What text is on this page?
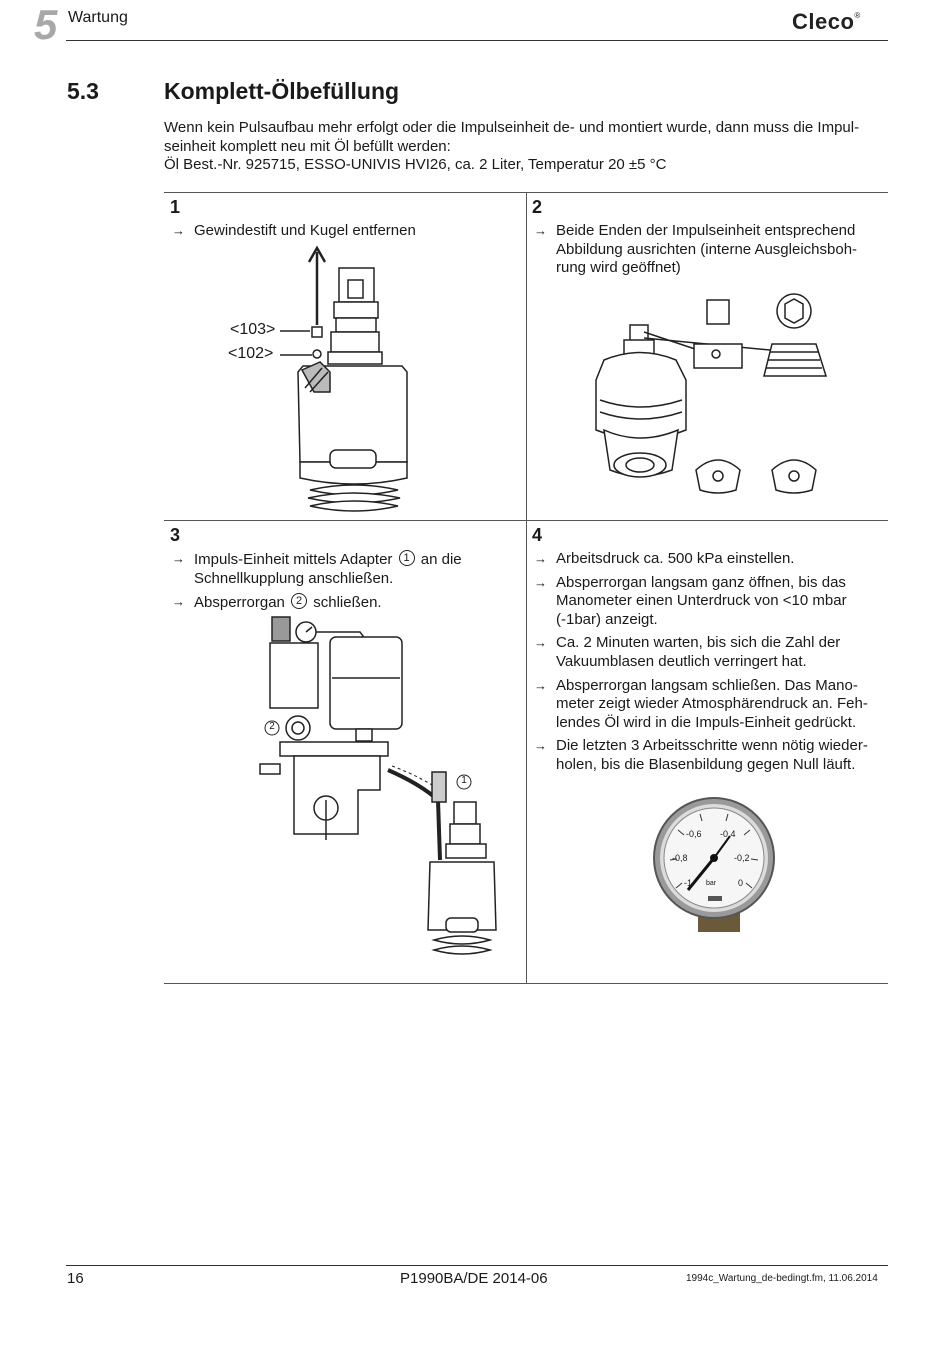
5 Wartung	Cleco®
5.3	Komplett-Ölbefüllung

Wenn kein Pulsaufbau mehr erfolgt oder die Impulseinheit de- und montiert wurde, dann muss die Impul-

seinheit komplett neu mit Öl befüllt werden:

Öl Best.-Nr. 925715, ESSO-UNIVIS HVI26, ca. 2 Liter, Temperatur 20 ±5 °C

1
→ Gewindestift und Kugel entfernen
<103>
<102>
2
→ Beide Enden der Impulseinheit entsprechend Abbildung ausrichten (interne Ausgleichsboh-rung wird geöffnet)
3
→ Impuls-Einheit mittels Adapter 1 an die Schnellkupplung anschließen.
→ Absperrorgan 2 schließen.
2
1
4
→ Arbeitsdruck ca. 500 kPa einstellen.
→ Absperrorgan langsam ganz öffnen, bis das Manometer einen Unterdruck von <10 mbar (-1bar) anzeigt.
→ Ca. 2 Minuten warten, bis sich die Zahl der Vakuumblasen deutlich verringert hat.
→ Absperrorgan langsam schließen. Das Mano-meter zeigt wieder Atmosphärendruck an. Feh-lendes Öl wird in die Impuls-Einheit gedrückt.
→ Die letzten 3 Arbeitsschritte wenn nötig wieder-holen, bis die Blasenbildung gegen Null läuft.
-0,6 -0,4
-0,8	-0,2
-1	0
bar
16	P1990BA/DE 2014-06	1994c_Wartung_de-bedingt.fm, 11.06.2014
